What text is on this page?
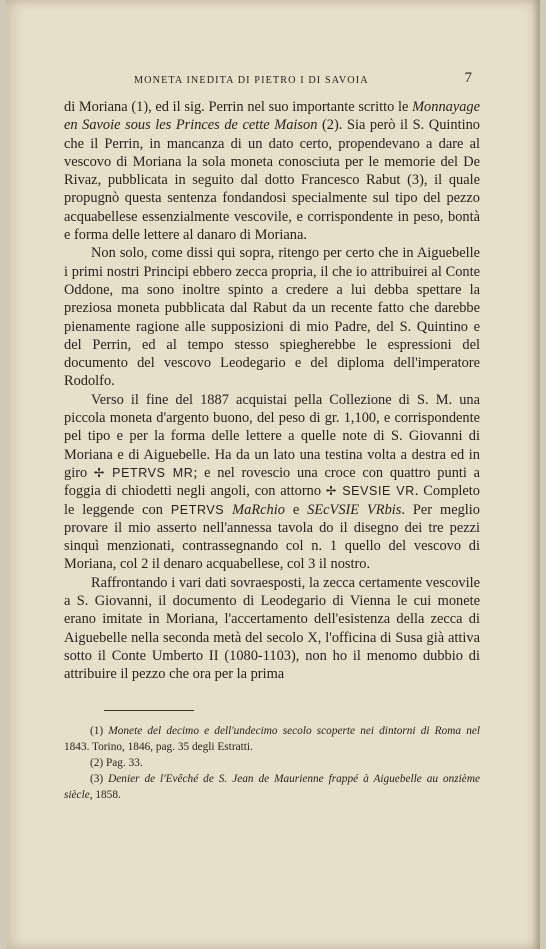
MONETA INEDITA DI PIETRO I DI SAVOIA	7

di Moriana (1), ed il sig. Perrin nel suo importante scritto le Monnayage en Savoie sous les Princes de cette Maison (2). Sia però il S. Quintino che il Perrin, in mancanza di un dato certo, propendevano a dare al vescovo di Moriana la sola moneta conosciuta per le memorie del De Rivaz, pubblicata in seguito dal dotto Francesco Rabut (3), il quale propugnò questa sentenza fondandosi specialmente sul tipo del pezzo acquabellese essenzialmente vescovile, e corrispondente in peso, bontà e forma delle lettere al danaro di Moriana.

Non solo, come dissi qui sopra, ritengo per certo che in Aiguebelle i primi nostri Principi ebbero zecca propria, il che io attribuirei al Conte Oddone, ma sono inoltre spinto a credere a lui debba spettare la preziosa moneta pubblicata dal Rabut da un recente fatto che darebbe pienamente ragione alle supposizioni di mio Padre, del S. Quintino e del Perrin, ed al tempo stesso spiegherebbe le espressioni del documento del vescovo Leodegario e del diploma dell'imperatore Rodolfo.

Verso il fine del 1887 acquistai pella Collezione di S. M. una piccola moneta d'argento buono, del peso di gr. 1,100, e corrispondente pel tipo e per la forma delle lettere a quelle note di S. Giovanni di Moriana e di Aiguebelle. Ha da un lato una testina volta a destra ed in giro ✢ PETRVS MR; e nel rovescio una croce con quattro punti a foggia di chiodetti negli angoli, con attorno ✢ SEVSIE VR. Completo le leggende con PETRVS MaRchio e SEcVSIE VRbis. Per meglio provare il mio asserto nell'annessa tavola do il disegno dei tre pezzi sinquì menzionati, contrassegnando col n. 1 quello del vescovo di Moriana, col 2 il denaro acquabellese, col 3 il nostro.

Raffrontando i vari dati sovraesposti, la zecca certamente vescovile a S. Giovanni, il documento di Leodegario di Vienna le cui monete erano imitate in Moriana, l'accertamento dell'esistenza della zecca di Aiguebelle nella seconda metà del secolo X, l'officina di Susa già attiva sotto il Conte Umberto II (1080-1103), non ho il menomo dubbio di attribuire il pezzo che ora per la prima

(1) Monete del decimo e dell'undecimo secolo scoperte nei dintorni di Roma nel 1843. Torino, 1846, pag. 35 degli Estratti.

(2) Pag. 33.

(3) Denier de l'Evêché de S. Jean de Maurienne frappé à Aiguebelle au onzième siècle, 1858.
